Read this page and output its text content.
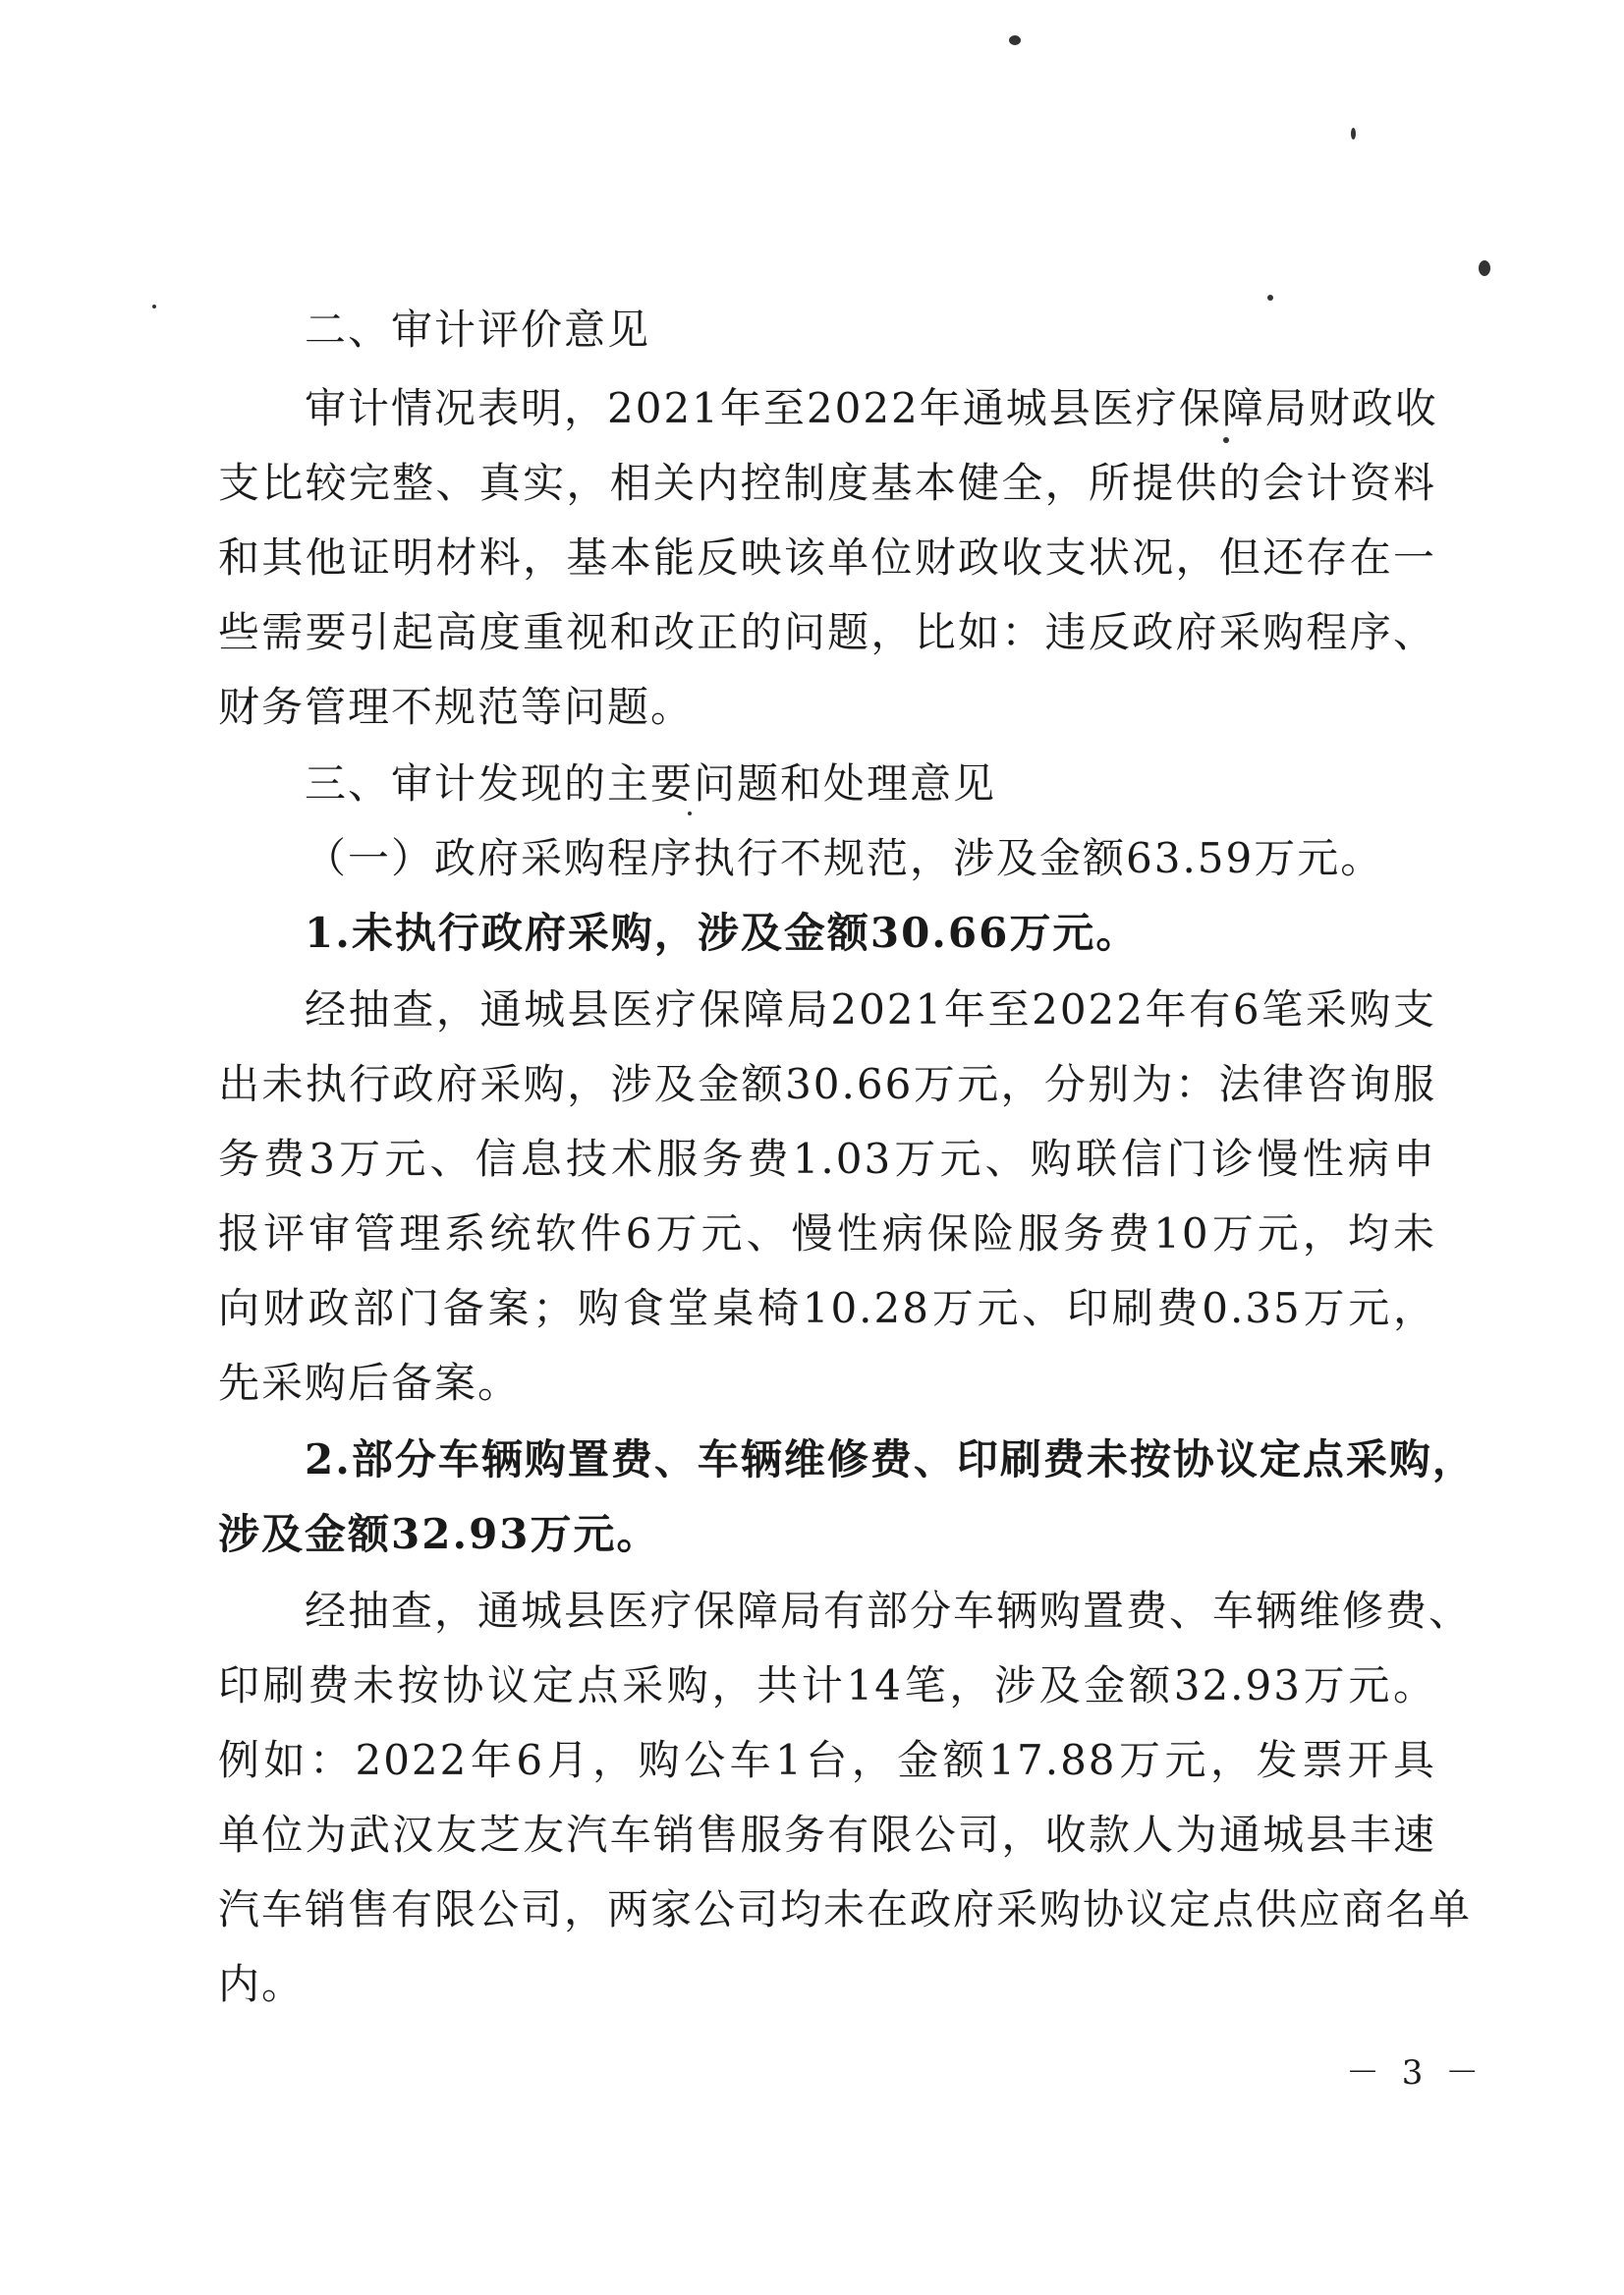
二、审计评价意见
审计情况表明，2021年至2022年通城县医疗保障局财政收
支比较完整、真实，相关内控制度基本健全，所提供的会计资料
和其他证明材料，基本能反映该单位财政收支状况，但还存在一
些需要引起高度重视和改正的问题，比如：违反政府采购程序、
财务管理不规范等问题。
三、审计发现的主要问题和处理意见
（一）政府采购程序执行不规范，涉及金额63.59万元。
1.未执行政府采购，涉及金额30.66万元。
经抽查，通城县医疗保障局2021年至2022年有6笔采购支
出未执行政府采购，涉及金额30.66万元，分别为：法律咨询服
务费3万元、信息技术服务费1.03万元、购联信门诊慢性病申
报评审管理系统软件6万元、慢性病保险服务费10万元，均未
向财政部门备案；购食堂桌椅10.28万元、印刷费0.35万元，
先采购后备案。
2.部分车辆购置费、车辆维修费、印刷费未按协议定点采购，
涉及金额32.93万元。
经抽查，通城县医疗保障局有部分车辆购置费、车辆维修费、
印刷费未按协议定点采购，共计14笔，涉及金额32.93万元。
例如：2022年6月，购公车1台，金额17.88万元，发票开具
单位为武汉友芝友汽车销售服务有限公司，收款人为通城县丰速
汽车销售有限公司，两家公司均未在政府采购协议定点供应商名单
内。
－ 3 －
